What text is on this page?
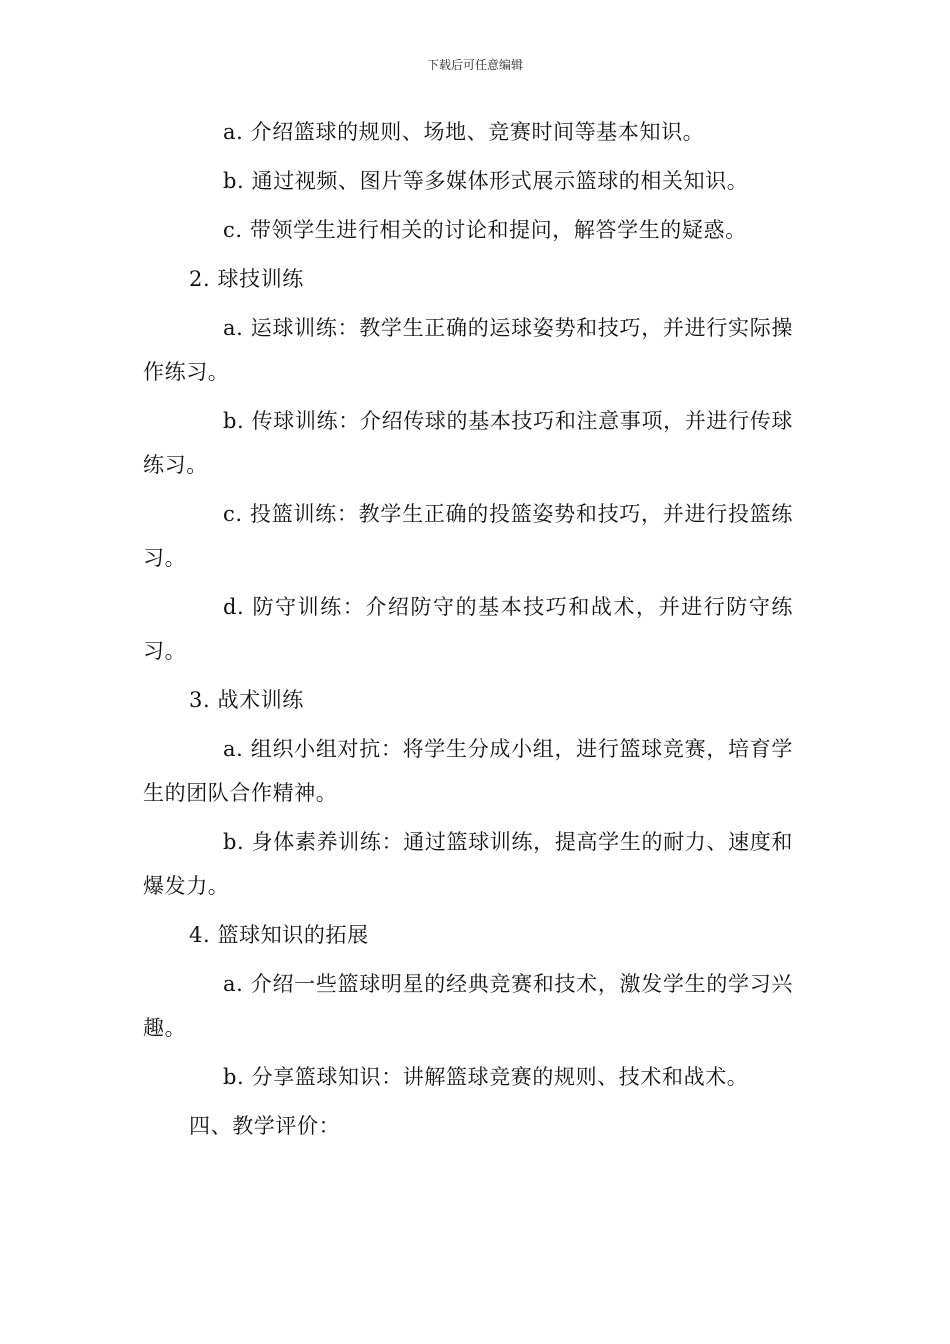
下载后可任意编辑

a. 介绍篮球的规则、场地、竞赛时间等基本知识。

b. 通过视频、图片等多媒体形式展示篮球的相关知识。

c. 带领学生进行相关的讨论和提问，解答学生的疑惑。

2. 球技训练

a. 运球训练：教学生正确的运球姿势和技巧，并进行实际操作练习。

b. 传球训练：介绍传球的基本技巧和注意事项，并进行传球练习。

c. 投篮训练：教学生正确的投篮姿势和技巧，并进行投篮练习。

d. 防守训练：介绍防守的基本技巧和战术，并进行防守练习。

3. 战术训练

a. 组织小组对抗：将学生分成小组，进行篮球竞赛，培育学生的团队合作精神。

b. 身体素养训练：通过篮球训练，提高学生的耐力、速度和爆发力。

4. 篮球知识的拓展

a. 介绍一些篮球明星的经典竞赛和技术，激发学生的学习兴趣。

b. 分享篮球知识：讲解篮球竞赛的规则、技术和战术。

四、教学评价：
